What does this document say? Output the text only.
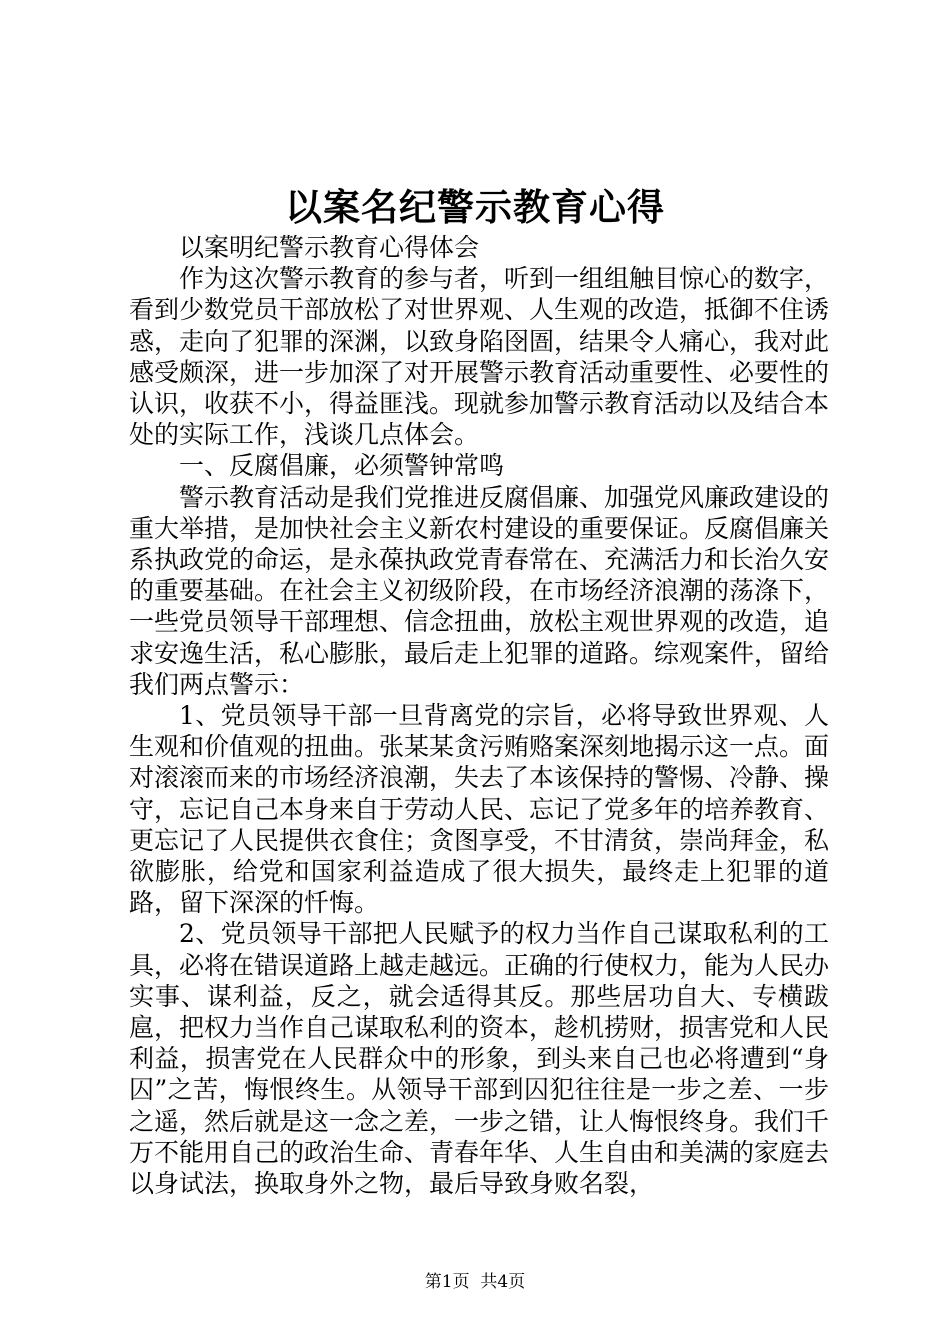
以案名纪警示教育心得

以案明纪警示教育心得体会

作为这次警示教育的参与者，听到一组组触目惊心的数字，看到少数党员干部放松了对世界观、人生观的改造，抵御不住诱惑，走向了犯罪的深渊，以致身陷囹圄，结果令人痛心，我对此感受颇深，进一步加深了对开展警示教育活动重要性、必要性的认识，收获不小，得益匪浅。现就参加警示教育活动以及结合本处的实际工作，浅谈几点体会。

一、反腐倡廉，必须警钟常鸣

警示教育活动是我们党推进反腐倡廉、加强党风廉政建设的重大举措，是加快社会主义新农村建设的重要保证。反腐倡廉关系执政党的命运，是永葆执政党青春常在、充满活力和长治久安的重要基础。在社会主义初级阶段，在市场经济浪潮的荡涤下，一些党员领导干部理想、信念扭曲，放松主观世界观的改造，追求安逸生活，私心膨胀，最后走上犯罪的道路。综观案件，留给我们两点警示：

1、党员领导干部一旦背离党的宗旨，必将导致世界观、人生观和价值观的扭曲。张某某贪污贿赂案深刻地揭示这一点。面对滚滚而来的市场经济浪潮，失去了本该保持的警惕、冷静、操守，忘记自己本身来自于劳动人民、忘记了党多年的培养教育、更忘记了人民提供衣食住；贪图享受，不甘清贫，崇尚拜金，私欲膨胀，给党和国家利益造成了很大损失，最终走上犯罪的道路，留下深深的忏悔。

2、党员领导干部把人民赋予的权力当作自己谋取私利的工具，必将在错误道路上越走越远。正确的行使权力，能为人民办实事、谋利益，反之，就会适得其反。那些居功自大、专横跋扈，把权力当作自己谋取私利的资本，趁机捞财，损害党和人民利益，损害党在人民群众中的形象，到头来自己也必将遭到“身囚”之苦，悔恨终生。从领导干部到囚犯往往是一步之差、一步之遥，然后就是这一念之差，一步之错，让人悔恨终身。我们千万不能用自己的政治生命、青春年华、人生自由和美满的家庭去以身试法，换取身外之物，最后导致身败名裂，

第1页  共4页
